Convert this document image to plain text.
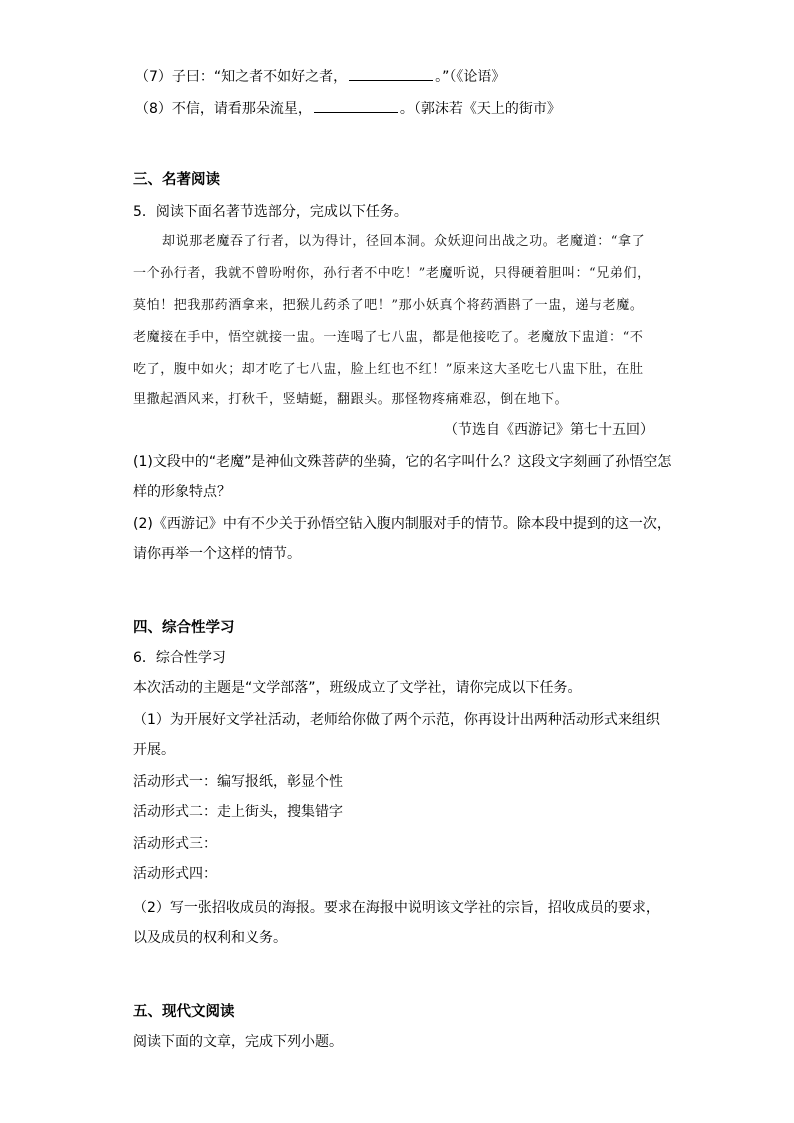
（7）子曰：“知之者不如好之者，	。”（《论语》
（8）不信，请看那朵流星，	。（郭沫若《天上的街市》
三、名著阅读
5．阅读下面名著节选部分，完成以下任务。
却说那老魔吞了行者，以为得计，径回本洞。众妖迎问出战之功。老魔道：“拿了
一个孙行者，我就不曾吩咐你，孙行者不中吃！”老魔听说，只得硬着胆叫：“兄弟们，
莫怕！把我那药酒拿来，把猴儿药杀了吧！”那小妖真个将药酒斟了一盅，递与老魔。
老魔接在手中，悟空就接一盅。一连喝了七八盅，都是他接吃了。老魔放下盅道：“不
吃了，腹中如火；却才吃了七八盅，脸上红也不红！”原来这大圣吃七八盅下肚，在肚
里撒起酒风来，打秋千，竖蜻蜓，翻跟头。那怪物疼痛难忍，倒在地下。
（节选自《西游记》第七十五回）
(1)文段中的“老魔”是神仙文殊菩萨的坐骑，它的名字叫什么？这段文字刻画了孙悟空怎
样的形象特点？
(2)《西游记》中有不少关于孙悟空钻入腹内制服对手的情节。除本段中提到的这一次，
请你再举一个这样的情节。
四、综合性学习
6．综合性学习
本次活动的主题是“文学部落”，班级成立了文学社，请你完成以下任务。
（1）为开展好文学社活动，老师给你做了两个示范，你再设计出两种活动形式来组织
开展。
活动形式一：编写报纸，彰显个性
活动形式二：走上街头，搜集错字
活动形式三：
活动形式四：
（2）写一张招收成员的海报。要求在海报中说明该文学社的宗旨，招收成员的要求，
以及成员的权利和义务。
五、现代文阅读
阅读下面的文章，完成下列小题。
